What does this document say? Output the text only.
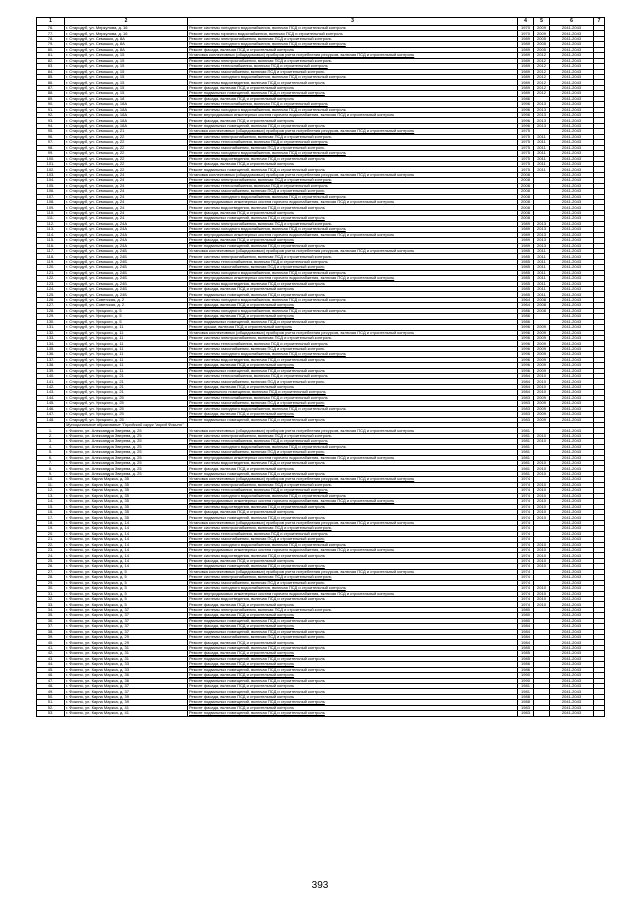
1	2	3	4	5	6	7
76.	г. Стародуб, ул. Меркулова, д. 16	Ремонт системы холодного водоснабжения, включая ПСД и строительный контроль	1970	2009	2041-2043	
77.	г. Стародуб, ул. Меркулова, д. 16	Ремонт системы горячего водоснабжения, включая ПСД и строительный контроль	1970	2009	2041-2043	
78.	г. Стародуб, ул. Семашко, д. 8А	Ремонт системы электроснабжения, включая ПСД и строительный контроль	1989	2005	2041-2043	
79.	г. Стародуб, ул. Семашко, д. 8А	Ремонт системы холодного водоснабжения, включая ПСД и строительный контроль	1989	2005	2041-2043	
80.	г. Стародуб, ул. Семашко, д. 8А	Ремонт фасада, включая ПСД и строительный контроль	1989	2005	2041-2043	
81.	г. Стародуб, ул. Семашко, д. 15	Установка коллективных (общедомовых) приборов учета потребления ресурсов, включая ПСД и строительный контроль	1989	2012	2041-2043	
82.	г. Стародуб, ул. Семашко, д. 15	Ремонт системы электроснабжения, включая ПСД и строительный контроль	1989	2012	2041-2043	
83.	г. Стародуб, ул. Семашко, д. 15	Ремонт системы теплоснабжения, включая ПСД и строительный контроль	1989	2012	2041-2043	
84.	г. Стародуб, ул. Семашко, д. 15	Ремонт системы газоснабжения, включая ПСД и строительный контроль	1989	2012	2041-2043	
85.	г. Стародуб, ул. Семашко, д. 15	Ремонт системы холодного водоснабжения, включая ПСД и строительный контроль	1989	2012	2041-2043	
86.	г. Стародуб, ул. Семашко, д. 15	Ремонт системы водоотведения, включая ПСД и строительный контроль	1989	2012	2041-2043	
87.	г. Стародуб, ул. Семашко, д. 15	Ремонт фасада, включая ПСД и строительный контроль	1989	2012	2041-2043	
88.	г. Стародуб, ул. Семашко, д. 15	Ремонт подвальных помещений, включая ПСД и строительный контроль	1989	2012	2041-2043	
89.	г. Стародуб, ул. Семашко, д. 18	Ремонт фасада, включая ПСД и строительный контроль	1986		2041-2043	
90.	г. Стародуб, ул. Семашко, д. 18А	Ремонт системы теплоснабжения, включая ПСД и строительный контроль	1996	2013	2041-2043	
91.	г. Стародуб, ул. Семашко, д. 18А	Ремонт системы холодного водоснабжения, включая ПСД и строительный контроль	1996	2013	2041-2043	
92.	г. Стародуб, ул. Семашко, д. 18А	Ремонт внутридомовых инженерных систем горячего водоснабжения, включая ПСД и строительный контроль	1996	2013	2041-2043	
93.	г. Стародуб, ул. Семашко, д. 18А	Ремонт фасада, включая ПСД и строительный контроль	1996	2013	2041-2043	
94.	г. Стародуб, ул. Семашко, д. 18А	Ремонт подвальных помещений, включая ПСД и строительный контроль	1996	2013	2041-2043	
95.	г. Стародуб, ул. Семашко, д. 21	Установка коллективных (общедомовых) приборов учета потребления ресурсов, включая ПСД и строительный контроль	1975		2041-2043	
96.	г. Стародуб, ул. Семашко, д. 22	Ремонт системы электроснабжения, включая ПСД и строительный контроль	1975	2011	2041-2043	
97.	г. Стародуб, ул. Семашко, д. 22	Ремонт системы теплоснабжения, включая ПСД и строительный контроль	1975	2011	2041-2043	
98.	г. Стародуб, ул. Семашко, д. 22	Ремонт системы газоснабжения, включая ПСД и строительный контроль	1975	2011	2041-2043	
99.	г. Стародуб, ул. Семашко, д. 22	Ремонт системы холодного водоснабжения, включая ПСД и строительный контроль	1975	2011	2041-2043	
100.	г. Стародуб, ул. Семашко, д. 22	Ремонт системы водоотведения, включая ПСД и строительный контроль	1975	2011	2041-2043	
101.	г. Стародуб, ул. Семашко, д. 22	Ремонт фасада, включая ПСД и строительный контроль	1975	2011	2041-2043	
102.	г. Стародуб, ул. Семашко, д. 22	Ремонт подвальных помещений, включая ПСД и строительный контроль	1975	2011	2041-2043	
103.	г. Стародуб, ул. Семашко, д. 24	Установка коллективных (общедомовых) приборов учета потребления ресурсов, включая ПСД и строительный контроль	2008		2041-2043	
104.	г. Стародуб, ул. Семашко, д. 24	Ремонт системы электроснабжения, включая ПСД и строительный контроль	2008		2041-2043	
105.	г. Стародуб, ул. Семашко, д. 24	Ремонт системы теплоснабжения, включая ПСД и строительный контроль	2008		2041-2043	
106.	г. Стародуб, ул. Семашко, д. 24	Ремонт системы газоснабжения, включая ПСД и строительный контроль	2008		2041-2043	
107.	г. Стародуб, ул. Семашко, д. 24	Ремонт системы холодного водоснабжения, включая ПСД и строительный контроль	2008		2041-2043	
108.	г. Стародуб, ул. Семашко, д. 24	Ремонт внутридомовых инженерных систем горячего водоснабжения, включая ПСД и строительный контроль	2008		2041-2043	
109.	г. Стародуб, ул. Семашко, д. 24	Ремонт системы водоотведения, включая ПСД и строительный контроль	2008		2041-2043	
110.	г. Стародуб, ул. Семашко, д. 24	Ремонт фасада, включая ПСД и строительный контроль	2008		2041-2043	
111.	г. Стародуб, ул. Семашко, д. 24	Ремонт подвальных помещений, включая ПСД и строительный контроль	2008		2041-2043	
112.	г. Стародуб, ул. Семашко, д. 24А	Ремонт системы электроснабжения, включая ПСД и строительный контроль	1989	2013	2041-2043	
113.	г. Стародуб, ул. Семашко, д. 24А	Ремонт системы холодного водоснабжения, включая ПСД и строительный контроль	1989	2013	2041-2043	
114.	г. Стародуб, ул. Семашко, д. 24А	Ремонт внутридомовых инженерных систем горячего водоснабжения, включая ПСД и строительный контроль	1989	2013	2041-2043	
115.	г. Стародуб, ул. Семашко, д. 24А	Ремонт фасада, включая ПСД и строительный контроль	1989	2013	2041-2043	
116.	г. Стародуб, ул. Семашко, д. 24А	Ремонт подвальных помещений, включая ПСД и строительный контроль	1989	2013	2041-2043	
117.	г. Стародуб, ул. Семашко, д. 24Б	Установка коллективных (общедомовых) приборов учета потребления ресурсов, включая ПСД и строительный контроль	1985	2011	2041-2043	
118.	г. Стародуб, ул. Семашко, д. 24Б	Ремонт системы электроснабжения, включая ПСД и строительный контроль	1985	2011	2041-2043	
119.	г. Стародуб, ул. Семашко, д. 24Б	Ремонт системы теплоснабжения, включая ПСД и строительный контроль	1985	2011	2041-2043	
120.	г. Стародуб, ул. Семашко, д. 24Б	Ремонт системы газоснабжения, включая ПСД и строительный контроль	1985	2011	2041-2043	
121.	г. Стародуб, ул. Семашко, д. 24Б	Ремонт системы холодного водоснабжения, включая ПСД и строительный контроль	1985	2011	2041-2043	
122.	г. Стародуб, ул. Семашко, д. 24Б	Ремонт внутридомовых инженерных систем горячего водоснабжения, включая ПСД и строительный контроль	1985	2011	2041-2043	
123.	г. Стародуб, ул. Семашко, д. 24Б	Ремонт системы водоотведения, включая ПСД и строительный контроль	1985	2011	2041-2043	
124.	г. Стародуб, ул. Семашко, д. 24Б	Ремонт фасада, включая ПСД и строительный контроль	1985	2011	2041-2043	
125.	г. Стародуб, ул. Семашко, д. 24Б	Ремонт подвальных помещений, включая ПСД и строительный контроль	1985	2011	2041-2043	
126.	г. Стародуб, ул. Советская, д. 2	Ремонт системы холодного водоснабжения, включая ПСД и строительный контроль	1964	2008	2041-2043	
127.	г. Стародуб, ул. Советская, д. 2	Ремонт фасада, включая ПСД и строительный контроль	1964	2008	2041-2043	
128.	г. Стародуб, ул. Урицкого, д. 5	Ремонт системы холодного водоснабжения, включая ПСД и строительный контроль	1986	2008	2041-2043	
129.	г. Стародуб, ул. Урицкого, д. 5	Ремонт фасада, включая ПСД и строительный контроль	1986		2041-2043	
130.	г. Стародуб, ул. Урицкого, д. 5	Ремонт подвальных помещений, включая ПСД и строительный контроль	1986		2041-2043	
131.	г. Стародуб, ул. Урицкого, д. 11	Ремонт крыши, включая ПСД и строительный контроль	1996	2009	2041-2043	
132.	г. Стародуб, ул. Урицкого, д. 11	Установка коллективных (общедомовых) приборов учета потребления ресурсов, включая ПСД и строительный контроль	1996	2009	2041-2043	
133.	г. Стародуб, ул. Урицкого, д. 11	Ремонт системы электроснабжения, включая ПСД и строительный контроль	1996	2009	2041-2043	
134.	г. Стародуб, ул. Урицкого, д. 11	Ремонт системы теплоснабжения, включая ПСД и строительный контроль	1996	2009	2041-2043	
135.	г. Стародуб, ул. Урицкого, д. 11	Ремонт системы газоснабжения, включая ПСД и строительный контроль	1996	2009	2041-2043	
136.	г. Стародуб, ул. Урицкого, д. 11	Ремонт системы холодного водоснабжения, включая ПСД и строительный контроль	1996	2009	2041-2043	
137.	г. Стародуб, ул. Урицкого, д. 11	Ремонт системы водоотведения, включая ПСД и строительный контроль	1996	2009	2041-2043	
138.	г. Стародуб, ул. Урицкого, д. 11	Ремонт фасада, включая ПСД и строительный контроль	1996	2009	2041-2043	
139.	г. Стародуб, ул. Урицкого, д. 11	Ремонт подвальных помещений, включая ПСД и строительный контроль	1996	2009	2041-2043	
140.	г. Стародуб, ул. Урицкого, д. 21	Ремонт системы теплоснабжения, включая ПСД и строительный контроль	1984	2010	2041-2043	
141.	г. Стародуб, ул. Урицкого, д. 21	Ремонт системы газоснабжения, включая ПСД и строительный контроль	1984	2010	2041-2043	
142.	г. Стародуб, ул. Урицкого, д. 21	Ремонт фасада, включая ПСД и строительный контроль	1984	2010	2041-2043	
143.	г. Стародуб, ул. Урицкого, д. 21	Ремонт подвального помещения, включая ПСД и строительный контроль	1984	2010	2041-2043	
144.	г. Стародуб, ул. Урицкого, д. 25	Ремонт системы теплоснабжения, включая ПСД и строительный контроль	1983	2009	2041-2043	
145.	г. Стародуб, ул. Урицкого, д. 25	Ремонт системы газоснабжения, включая ПСД и строительный контроль	1983	2009	2041-2043	
146.	г. Стародуб, ул. Урицкого, д. 25	Ремонт системы холодного водоснабжения, включая ПСД и строительный контроль	1983	2009	2041-2043	
147.	г. Стародуб, ул. Урицкого, д. 25	Ремонт фасада, включая ПСД и строительный контроль	1983	2009	2041-2043	
148.	г. Стародуб, ул. Урицкого, д. 25	Ремонт подвальных помещений, включая ПСД и строительный контроль	1983	2009	2041-2043	
	Муниципальное образование "Городской округ "город Фокино"					
1.	г. Фокино, ул. Александра Зверева, д. 25	Установка коллективных (общедомовых) приборов учета потребления ресурсов, включая ПСД и строительный контроль	1981		2041-2043	
2.	г. Фокино, ул. Александра Зверева, д. 25	Ремонт системы электроснабжения, включая ПСД и строительный контроль	1981	2010	2041-2043	
3.	г. Фокино, ул. Александра Зверева, д. 25	Ремонт системы теплоснабжения, включая ПСД и строительный контроль	1981	2010	2041-2043	
4.	г. Фокино, ул. Александра Зверева, д. 25	Ремонт системы холодного водоснабжения, включая ПСД и строительный контроль	1981		2041-2043	
5.	г. Фокино, ул. Александра Зверева, д. 25	Ремонт системы газоснабжения, включая ПСД и строительный контроль	1981		2041-2043	
6.	г. Фокино, ул. Александра Зверева, д. 25	Ремонт внутридомовых инженерных систем горячего водоснабжения, включая ПСД и строительный контроль	1981		2041-2043	
7.	г. Фокино, ул. Александра Зверева, д. 25	Ремонт системы водоотведения, включая ПСД и строительный контроль	1981	2010	2041-2043	
8.	г. Фокино, ул. Александра Зверева, д. 25	Ремонт фасада, включая ПСД и строительный контроль	1981	2010	2041-2043	
9.	г. Фокино, ул. Александра Зверева, д. 25	Ремонт подвальных помещений, включая ПСД и строительный контроль	1981	2010	2041-2043	
10.	г. Фокино, ул. Карла Маркса, д. 35	Установка коллективных (общедомовых) приборов учета потребления ресурсов, включая ПСД и строительный контроль	1974		2041-2043	
11.	г. Фокино, ул. Карла Маркса, д. 35	Ремонт системы электроснабжения, включая ПСД и строительный контроль	1974	2010	2041-2043	
12.	г. Фокино, ул. Карла Маркса, д. 35	Ремонт системы теплоснабжения, включая ПСД и строительный контроль	1974	2010	2041-2043	
13.	г. Фокино, ул. Карла Маркса, д. 35	Ремонт системы холодного водоснабжения, включая ПСД и строительный контроль	1974	2010	2041-2043	
14.	г. Фокино, ул. Карла Маркса, д. 35	Ремонт внутридомовых инженерных систем горячего водоснабжения, включая ПСД и строительный контроль	1974	2010	2041-2043	
15.	г. Фокино, ул. Карла Маркса, д. 35	Ремонт системы водоотведения, включая ПСД и строительный контроль	1974	2010	2041-2043	
16.	г. Фокино, ул. Карла Маркса, д. 35	Ремонт фасада, включая ПСД и строительный контроль	1974	2010	2041-2043	
17.	г. Фокино, ул. Карла Маркса, д. 35	Ремонт подвальных помещений, включая ПСД и строительный контроль	1974	2010	2041-2043	
18.	г. Фокино, ул. Карла Маркса, д. 14	Установка коллективных (общедомовых) приборов учета потребления ресурсов, включая ПСД и строительный контроль	1974		2041-2043	
19.	г. Фокино, ул. Карла Маркса, д. 14	Ремонт системы электроснабжения, включая ПСД и строительный контроль	1974		2041-2043	
20.	г. Фокино, ул. Карла Маркса, д. 14	Ремонт системы теплоснабжения, включая ПСД и строительный контроль	1974		2041-2043	
21.	г. Фокино, ул. Карла Маркса, д. 14	Ремонт системы газоснабжения, включая ПСД и строительный контроль	1974		2041-2043	
22.	г. Фокино, ул. Карла Маркса, д. 14	Ремонт системы холодного водоснабжения, включая ПСД и строительный контроль	1974	2010	2041-2043	
23.	г. Фокино, ул. Карла Маркса, д. 14	Ремонт внутридомовых инженерных систем горячего водоснабжения, включая ПСД и строительный контроль	1974	2010	2041-2043	
24.	г. Фокино, ул. Карла Маркса, д. 14	Ремонт системы водоотведения, включая ПСД и строительный контроль	1974	2010	2041-2043	
25.	г. Фокино, ул. Карла Маркса, д. 14	Ремонт фасада, включая ПСД и строительный контроль	1974	2010	2041-2043	
26.	г. Фокино, ул. Карла Маркса, д. 14	Ремонт подвальных помещений, включая ПСД и строительный контроль	1974	2010	2041-2043	
27.	г. Фокино, ул. Карла Маркса, д. 5	Установка коллективных (общедомовых) приборов учета потребления ресурсов, включая ПСД и строительный контроль	1974		2041-2043	
28.	г. Фокино, ул. Карла Маркса, д. 5	Ремонт системы электроснабжения, включая ПСД и строительный контроль	1974		2041-2043	
29.	г. Фокино, ул. Карла Маркса, д. 5	Ремонт системы газоснабжения, включая ПСД и строительный контроль	1974		2041-2043	
30.	г. Фокино, ул. Карла Маркса, д. 5	Ремонт системы холодного водоснабжения, включая ПСД и строительный контроль	1974	2010	2041-2043	
31.	г. Фокино, ул. Карла Маркса, д. 5	Ремонт внутридомовых инженерных систем горячего водоснабжения, включая ПСД и строительный контроль	1974	2010	2041-2043	
32.	г. Фокино, ул. Карла Маркса, д. 5	Ремонт системы водоотведения, включая ПСД и строительный контроль	1974	2010	2041-2043	
33.	г. Фокино, ул. Карла Маркса, д. 5	Ремонт фасада, включая ПСД и строительный контроль	1974	2010	2041-2043	
34.	г. Фокино, ул. Карла Маркса, д. 37	Ремонт системы электроснабжения, включая ПСД и строительный контроль	1980		2041-2043	
35.	г. Фокино, ул. Карла Маркса, д. 37	Ремонт фасада, включая ПСД и строительный контроль	1980		2041-2043	
36.	г. Фокино, ул. Карла Маркса, д. 37	Ремонт подвальных помещений, включая ПСД и строительный контроль	1980		2041-2043	
37.	г. Фокино, ул. Карла Маркса, д. 37	Ремонт фасада, включая ПСД и строительный контроль	1984		2041-2043	
38.	г. Фокино, ул. Карла Маркса, д. 37	Ремонт подвальных помещений, включая ПСД и строительный контроль	1984		2041-2043	
39.	г. Фокино, ул. Карла Маркса, д. 29	Ремонт системы газоснабжения, включая ПСД и строительный контроль	1984		2041-2043	
40.	г. Фокино, ул. Карла Маркса, д. 29	Ремонт фасада, включая ПСД и строительный контроль	1984		2041-2043	
41.	г. Фокино, ул. Карла Маркса, д. 31	Ремонт подвальных помещений, включая ПСД и строительный контроль	1985		2041-2043	
42.	г. Фокино, ул. Карла Маркса, д. 31	Ремонт фасада, включая ПСД и строительный контроль	1985		2041-2043	
43.	г. Фокино, ул. Карла Маркса, д. 31	Ремонт подвальных помещений, включая ПСД и строительный контроль	1985		2041-2043	
44.	г. Фокино, ул. Карла Маркса, д. 33	Ремонт фасада, включая ПСД и строительный контроль	1986		2041-2043	
45.	г. Фокино, ул. Карла Маркса, д. 33	Ремонт подвальных помещений, включая ПСД и строительный контроль	1986		2041-2043	
46.	г. Фокино, ул. Карла Маркса, д. 36	Ремонт фасада, включая ПСД и строительный контроль	1990		2041-2043	
47.	г. Фокино, ул. Карла Маркса, д. 36	Ремонт подвальных помещений, включая ПСД и строительный контроль	1990		2041-2043	
48.	г. Фокино, ул. Карла Маркса, д. 37	Ремонт фасада, включая ПСД и строительный контроль	1981		2041-2043	
49.	г. Фокино, ул. Карла Маркса, д. 37	Ремонт подвальных помещений, включая ПСД и строительный контроль	1981		2041-2043	
50.	г. Фокино, ул. Карла Маркса, д. 39	Ремонт фасада, включая ПСД и строительный контроль	1988		2041-2043	
51.	г. Фокино, ул. Карла Маркса, д. 39	Ремонт подвальных помещений, включая ПСД и строительный контроль	1988		2041-2043	
52.	г. Фокино, ул. Карла Маркса, д. 41	Ремонт фасада, включая ПСД и строительный контроль	1983		2041-2043	
53.	г. Фокино, ул. Карла Маркса, д. 41	Ремонт подвальных помещений, включая ПСД и строительный контроль	1983		2041-2043	
393
